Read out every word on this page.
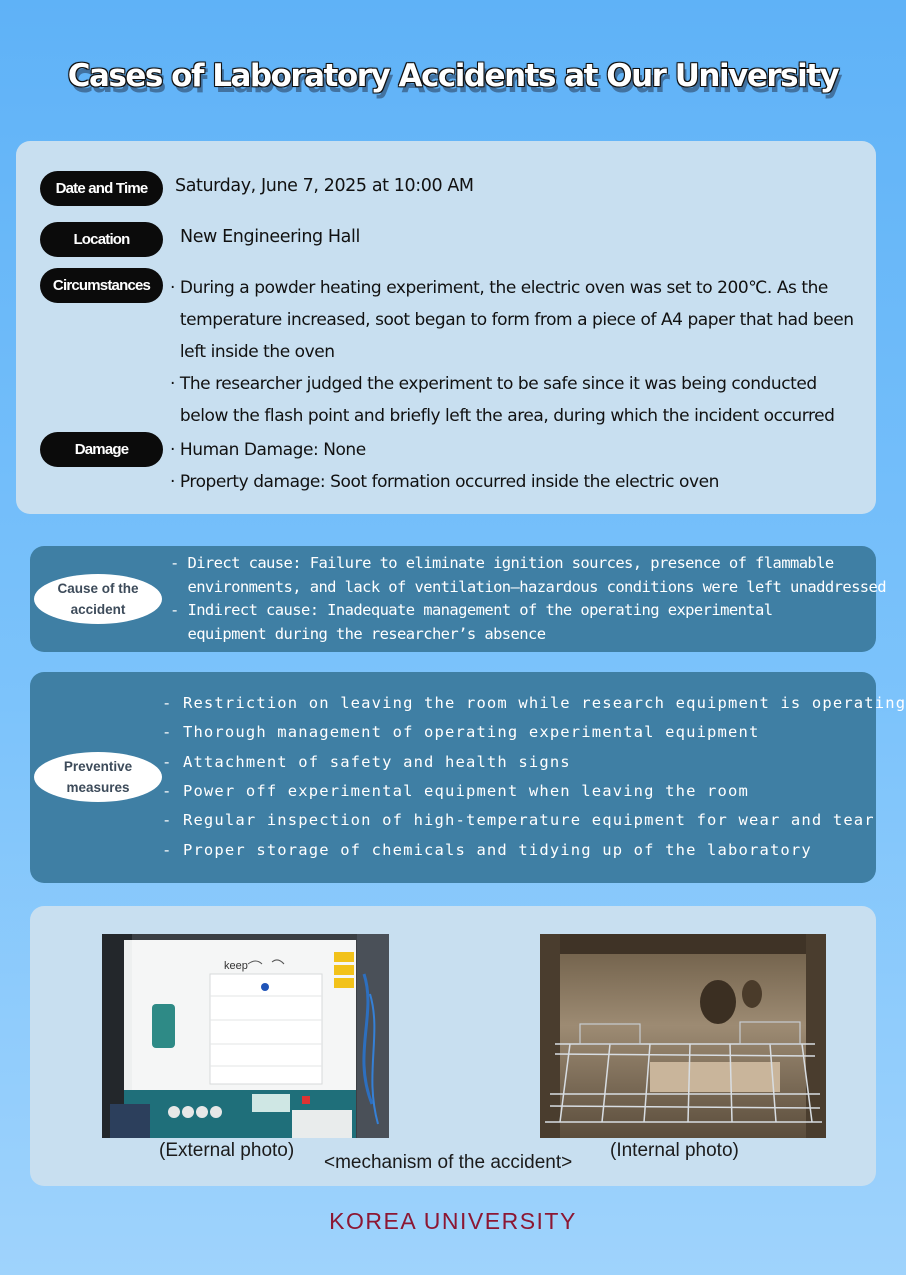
Cases of Laboratory Accidents at Our University
Date and Time	Saturday, June 7, 2025 at 10:00 AM
Location	New Engineering Hall
Circumstances	· During a powder heating experiment, the electric oven was set to 200℃. As the
temperature increased, soot began to form from a piece of A4 paper that had been
left inside the oven
· The researcher judged the experiment to be safe since it was being conducted
below the flash point and briefly left the area, during which the incident occurred
Damage	· Human Damage: None
· Property damage: Soot formation occurred inside the electric oven
Cause of the
accident
- Direct cause: Failure to eliminate ignition sources, presence of flammable
environments, and lack of ventilation—hazardous conditions were left unaddressed
- Indirect cause: Inadequate management of the operating experimental
equipment during the researcher’s absence
Preventive
measures
- Restriction on leaving the room while research equipment is operating
- Thorough management of operating experimental equipment
- Attachment of safety and health signs
- Power off experimental equipment when leaving the room
- Regular inspection of high-temperature equipment for wear and tear
- Proper storage of chemicals and tidying up of the laboratory
keep
(External photo)	(Internal photo)
<mechanism of the accident>
KOREA UNIVERSITY
